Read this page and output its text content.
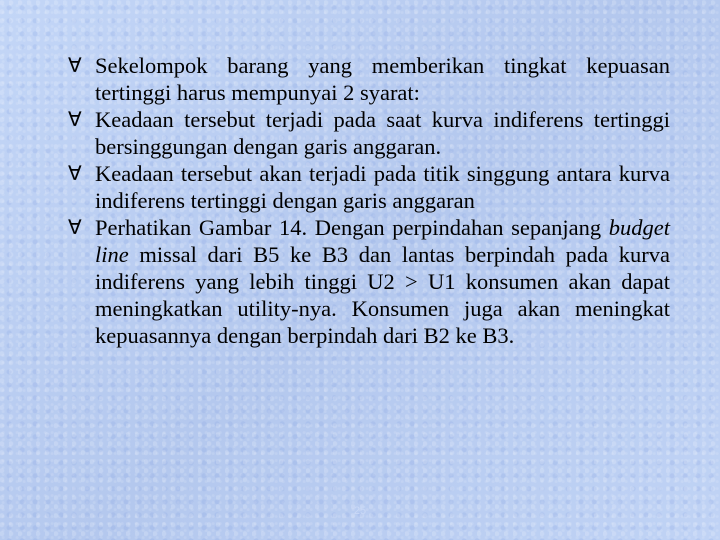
∀ Sekelompok barang yang memberikan tingkat kepuasan tertinggi harus mempunyai 2 syarat:
∀ Keadaan tersebut terjadi pada saat kurva indiferens tertinggi bersinggungan dengan garis anggaran.
∀ Keadaan tersebut akan terjadi pada titik singgung antara kurva indiferens tertinggi dengan garis anggaran
∀ Perhatikan Gambar 14. Dengan perpindahan sepanjang budget line missal dari B5 ke B3 dan lantas berpindah pada kurva indiferens yang lebih tinggi U2 > U1 konsumen akan dapat meningkatkan utility-nya. Konsumen juga akan meningkat kepuasannya dengan berpindah dari B2 ke B3.
25
